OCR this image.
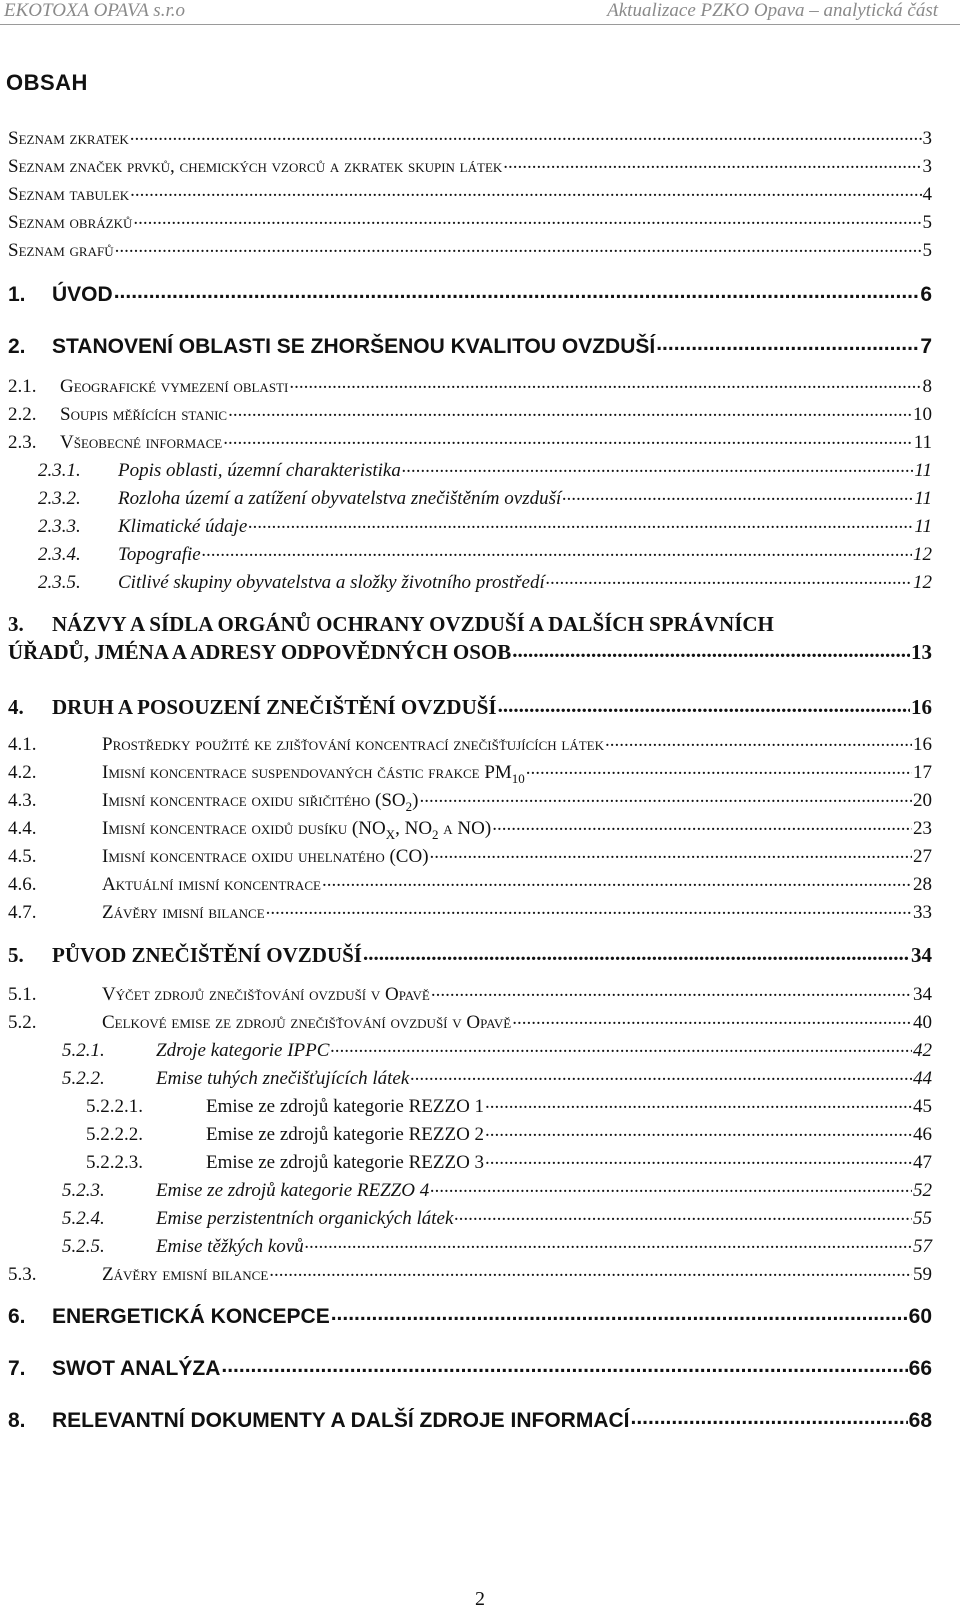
EKOTOXA OPAVA s.r.o	Aktualizace PZKO Opava – analytická část
OBSAH
Seznam zkratek .....	3
Seznam značek prvků, chemických vzorců a zkratek skupin látek .....	3
Seznam tabulek .....	4
Seznam obrázků .....	5
Seznam grafů .....	5
1.	ÚVOD .....	6
2.	STANOVENÍ OBLASTI SE ZHORŠENOU KVALITOU OVZDUŠÍ .....	7
2.1.	Geografické vymezení oblasti .....	8
2.2.	Soupis měřících stanic .....	10
2.3.	Všeobecné informace .....	11
2.3.1.	Popis oblasti, územní charakteristika .....	11
2.3.2.	Rozloha území a zatížení obyvatelstva znečištěním ovzduší .....	11
2.3.3.	Klimatické údaje .....	11
2.3.4.	Topografie .....	12
2.3.5.	Citlivé skupiny obyvatelstva a složky životního prostředí .....	12
3.	NÁZVY A SÍDLA ORGÁNŮ OCHRANY OVZDUŠÍ A DALŠÍCH SPRÁVNÍCH
ÚŘADŮ, JMÉNA A ADRESY ODPOVĚDNÝCH OSOB .....	13
4.	DRUH A POSOUZENÍ ZNEČIŠTĚNÍ OVZDUŠÍ .....	16
4.1.	Prostředky použité ke zjišťování koncentrací znečišťujících látek .....	16
4.2.	Imisní koncentrace suspendovaných částic frakce $PM_{10}$ .....	17
4.3.	Imisní koncentrace oxidu siřičitého $(SO_2)$ .....	20
4.4.	Imisní koncentrace oxidů dusíku ($NO_X$, $NO_2$ a NO) .....	23
4.5.	Imisní koncentrace oxidu uhelnatého (CO) .....	27
4.6.	Aktuální imisní koncentrace .....	28
4.7.	Závěry imisní bilance .....	33
5.	PŮVOD ZNEČIŠTĚNÍ OVZDUŠÍ .....	34
5.1.	Výčet zdrojů znečišťování ovzduší v Opavě .....	34
5.2.	Celkové emise ze zdrojů znečišťování ovzduší v Opavě .....	40
5.2.1.	Zdroje kategorie IPPC .....	42
5.2.2.	Emise tuhých znečišťujících látek .....	44
5.2.2.1.	Emise ze zdrojů kategorie REZZO 1 .....	45
5.2.2.2.	Emise ze zdrojů kategorie REZZO 2 .....	46
5.2.2.3.	Emise ze zdrojů kategorie REZZO 3 .....	47
5.2.3.	Emise ze zdrojů kategorie REZZO 4 .....	52
5.2.4.	Emise perzistentních organických látek .....	55
5.2.5.	Emise těžkých kovů .....	57
5.3.	Závěry emisní bilance .....	59
6.	ENERGETICKÁ KONCEPCE .....	60
7.	SWOT ANALÝZA .....	66
8.	RELEVANTNÍ DOKUMENTY A DALŠÍ ZDROJE INFORMACÍ .....	68
2
